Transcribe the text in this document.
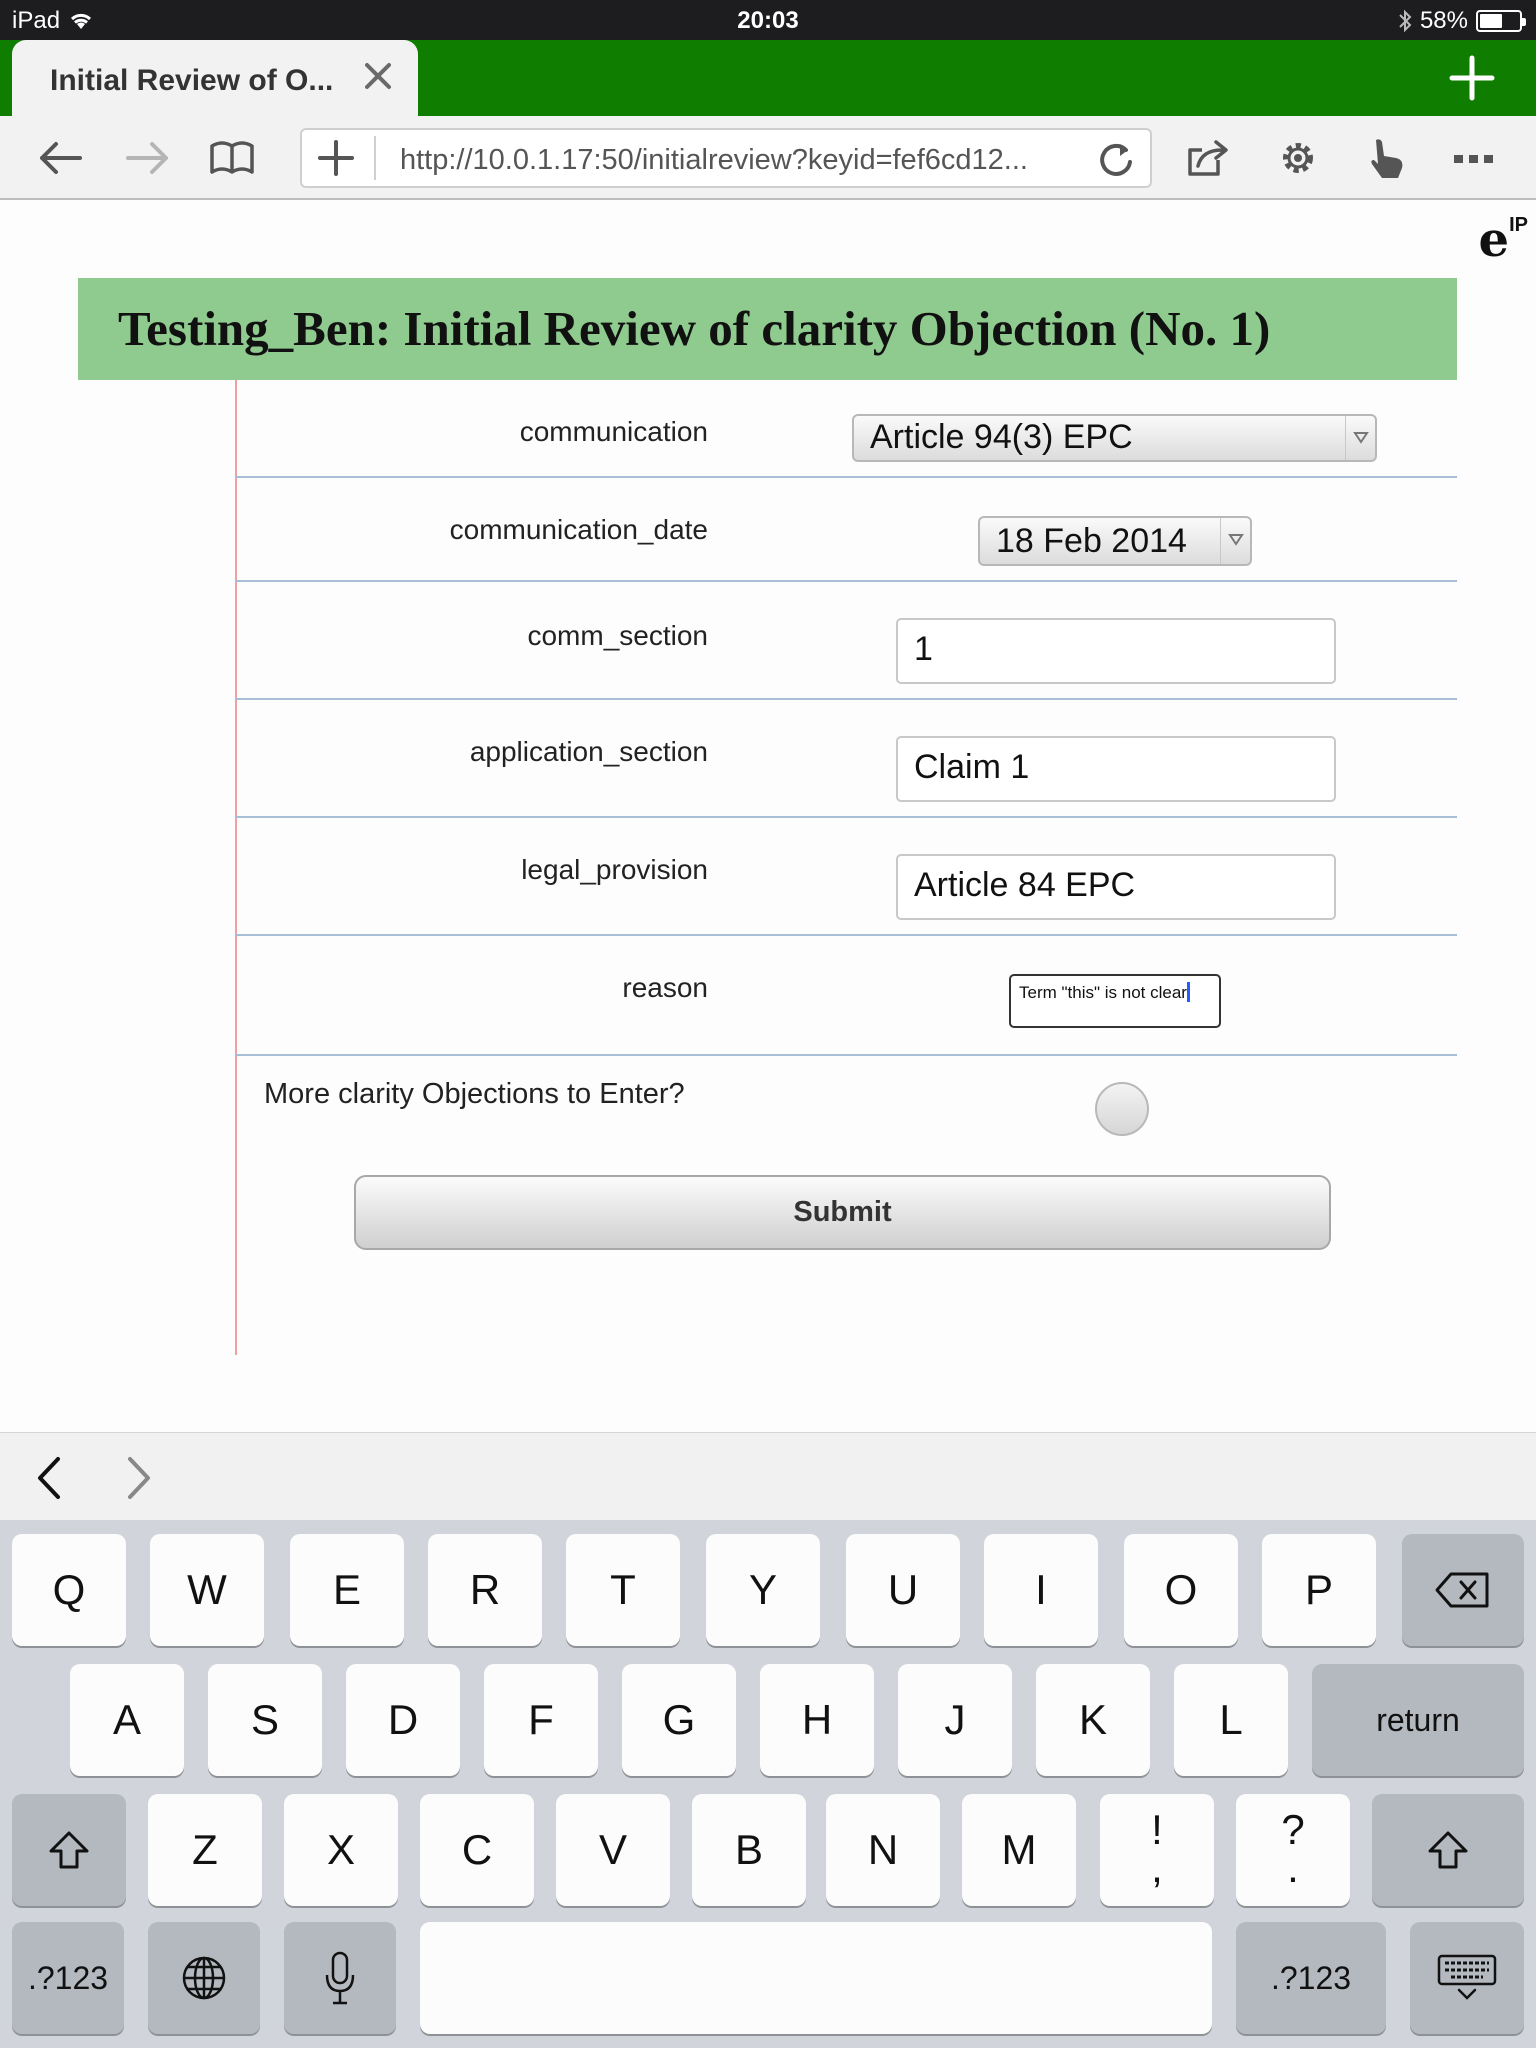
iPad	20:03	58%
Initial Review of O...
http://10.0.1.17:50/initialreview?keyid=fef6cd12...
$e^{IP}$
Testing_Ben: Initial Review of clarity Objection (No. 1)
communication	Article 94(3) EPC
communication_date	18 Feb 2014
comm_section	1
application_section	Claim 1
legal_provision	Article 84 EPC
reason	Term "this" is not clear
More clarity Objections to Enter?
Submit
Q	W	E	R	T	Y	U	I	O	P
A	S	D	F	G	H	J	K	L	return
Z	X	C	V	B	N	M	!
,
?
.
.?123	.?123
